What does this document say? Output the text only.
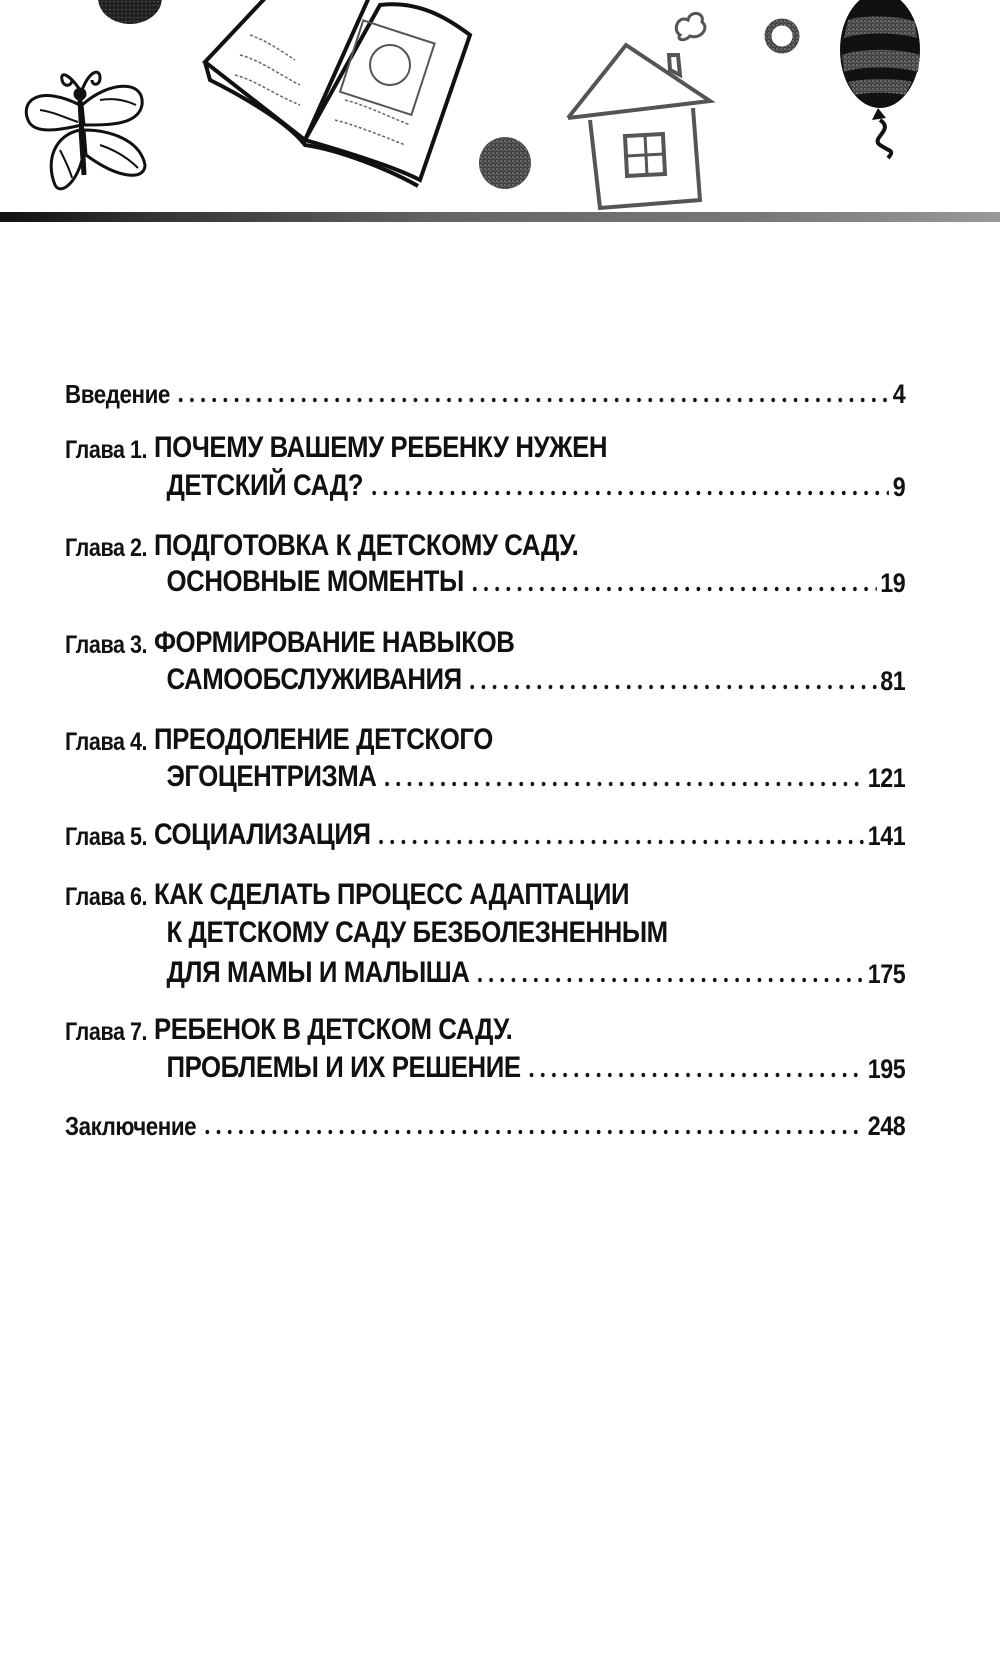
Введение	4
Глава 1. ПОЧЕМУ ВАШЕМУ РЕБЕНКУ НУЖЕН
ДЕТСКИЙ САД?	9
Глава 2. ПОДГОТОВКА К ДЕТСКОМУ САДУ.
ОСНОВНЫЕ МОМЕНТЫ	19
Глава 3. ФОРМИРОВАНИЕ НАВЫКОВ
САМООБСЛУЖИВАНИЯ	81
Глава 4. ПРЕОДОЛЕНИЕ ДЕТСКОГО
ЭГОЦЕНТРИЗМА	121
Глава 5. СОЦИАЛИЗАЦИЯ	141
Глава 6. КАК СДЕЛАТЬ ПРОЦЕСС АДАПТАЦИИ
К ДЕТСКОМУ САДУ БЕЗБОЛЕЗНЕННЫМ
ДЛЯ МАМЫ И МАЛЫША	175
Глава 7. РЕБЕНОК В ДЕТСКОМ САДУ.
ПРОБЛЕМЫ И ИХ РЕШЕНИЕ	195
Заключение	248
